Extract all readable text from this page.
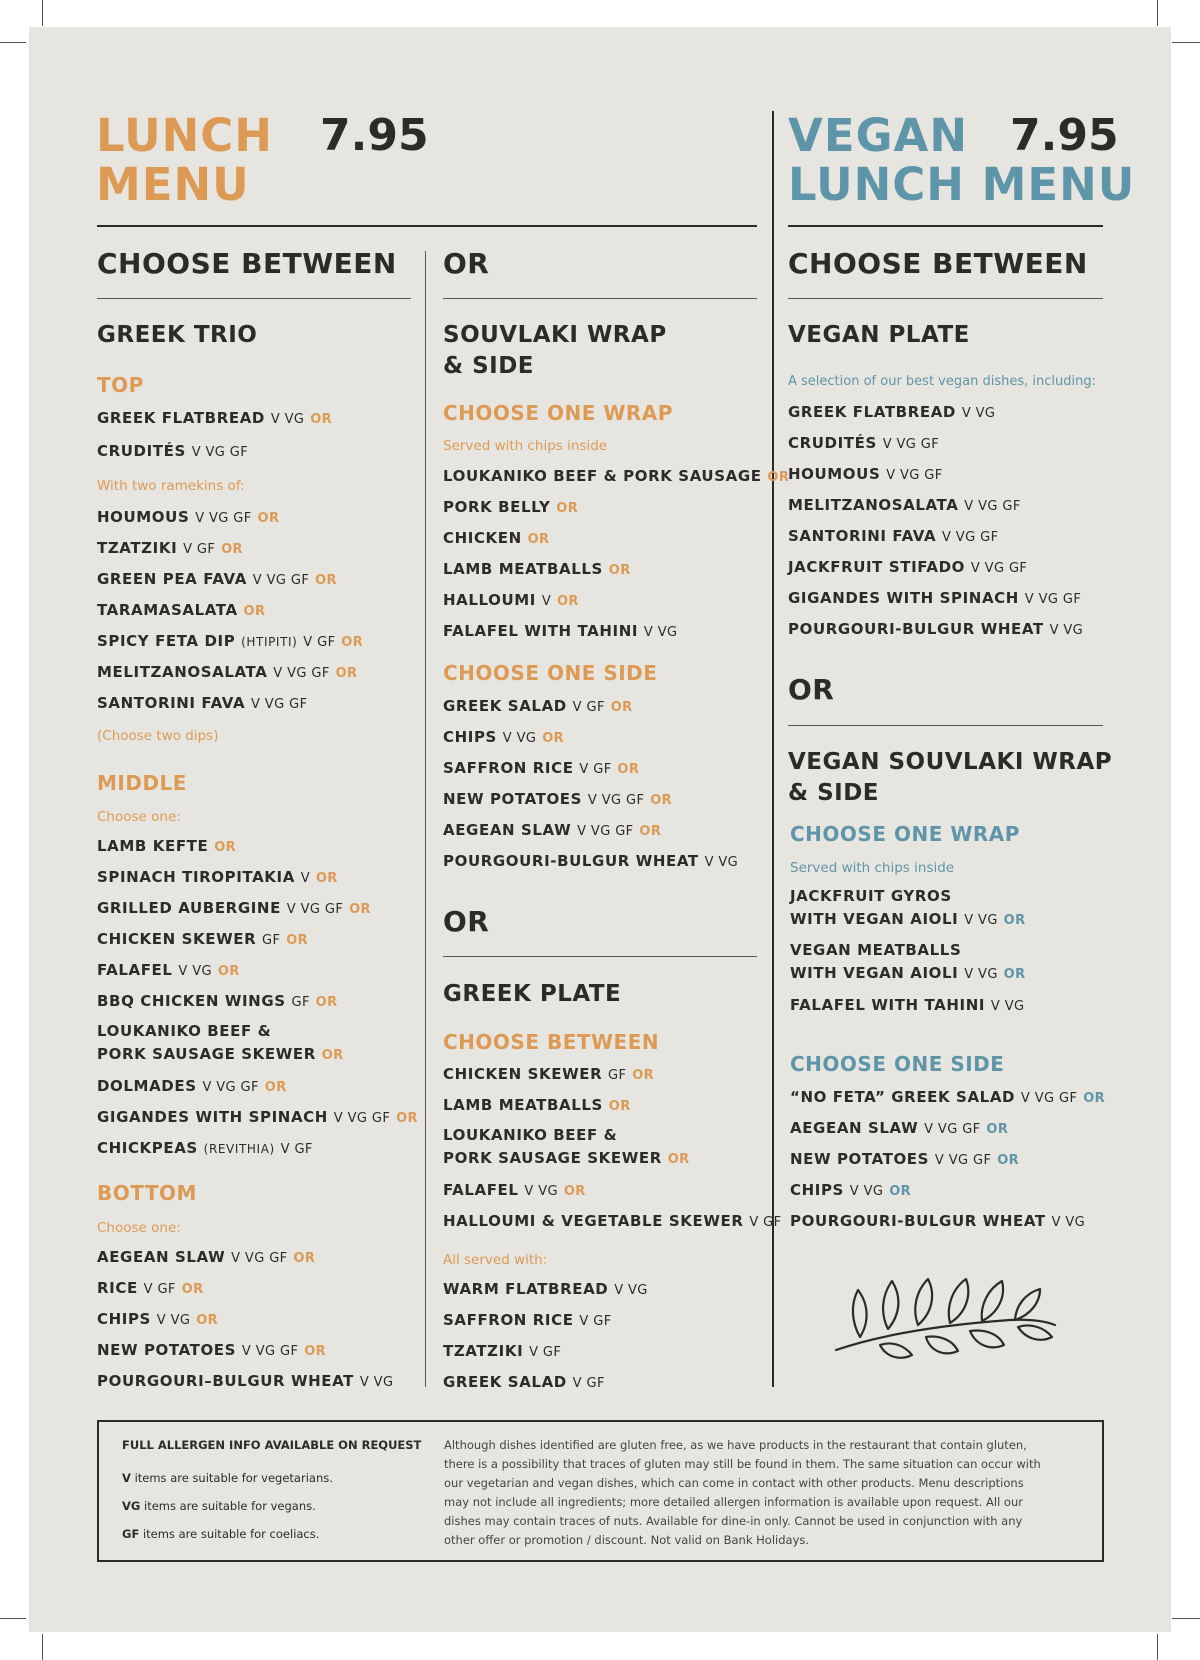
LUNCH
MENU
7.95	VEGAN
LUNCH MENU
7.95
CHOOSE BETWEEN
GREEK TRIO
TOP
GREEK FLATBREAD V VG OR
CRUDITÉS V VG GF
With two ramekins of:
HOUMOUS V VG GF OR
TZATZIKI V GF OR
GREEN PEA FAVA V VG GF OR
TARAMASALATA OR
SPICY FETA DIP (HTIPITI) V GF OR
MELITZANOSALATA V VG GF OR
SANTORINI FAVA V VG GF
(Choose two dips)
MIDDLE
Choose one:
LAMB KEFTE OR
SPINACH TIROPITAKIA V OR
GRILLED AUBERGINE V VG GF OR
CHICKEN SKEWER GF OR
FALAFEL V VG OR
BBQ CHICKEN WINGS GF OR
LOUKANIKO BEEF &
PORK SAUSAGE SKEWER OR
DOLMADES V VG GF OR
GIGANDES WITH SPINACH V VG GF OR
CHICKPEAS (REVITHIA) V GF
BOTTOM
Choose one:
AEGEAN SLAW V VG GF OR
RICE V GF OR
CHIPS V VG OR
NEW POTATOES V VG GF OR
POURGOURI–BULGUR WHEAT V VG
OR
SOUVLAKI WRAP
& SIDE
CHOOSE ONE WRAP
Served with chips inside
LOUKANIKO BEEF & PORK SAUSAGE OR
PORK BELLY OR
CHICKEN OR
LAMB MEATBALLS OR
HALLOUMI V OR
FALAFEL WITH TAHINI V VG
CHOOSE ONE SIDE
GREEK SALAD V GF OR
CHIPS V VG OR
SAFFRON RICE V GF OR
NEW POTATOES V VG GF OR
AEGEAN SLAW V VG GF OR
POURGOURI-BULGUR WHEAT V VG
OR
GREEK PLATE
CHOOSE BETWEEN
CHICKEN SKEWER GF OR
LAMB MEATBALLS OR
LOUKANIKO BEEF &
PORK SAUSAGE SKEWER OR
FALAFEL V VG OR
HALLOUMI & VEGETABLE SKEWER V GF
All served with:
WARM FLATBREAD V VG
SAFFRON RICE V GF
TZATZIKI V GF
GREEK SALAD V GF
CHOOSE BETWEEN
VEGAN PLATE
A selection of our best vegan dishes, including:
GREEK FLATBREAD V VG
CRUDITÉS V VG GF
HOUMOUS V VG GF
MELITZANOSALATA V VG GF
SANTORINI FAVA V VG GF
JACKFRUIT STIFADO V VG GF
GIGANDES WITH SPINACH V VG GF
POURGOURI-BULGUR WHEAT V VG
OR
VEGAN SOUVLAKI WRAP
& SIDE
CHOOSE ONE WRAP
Served with chips inside
JACKFRUIT GYROS
WITH VEGAN AIOLI V VG OR
VEGAN MEATBALLS
WITH VEGAN AIOLI V VG OR
FALAFEL WITH TAHINI V VG
CHOOSE ONE SIDE
“NO FETA” GREEK SALAD V VG GF OR
AEGEAN SLAW V VG GF OR
NEW POTATOES V VG GF OR
CHIPS V VG OR
POURGOURI-BULGUR WHEAT V VG
FULL ALLERGEN INFO AVAILABLE ON REQUEST
V items are suitable for vegetarians.
VG items are suitable for vegans.
GF items are suitable for coeliacs.
Although dishes identified are gluten free, as we have products in the restaurant that contain gluten,
there is a possibility that traces of gluten may still be found in them. The same situation can occur with
our vegetarian and vegan dishes, which can come in contact with other products. Menu descriptions
may not include all ingredients; more detailed allergen information is available upon request. All our
dishes may contain traces of nuts. Available for dine-in only. Cannot be used in conjunction with any
other offer or promotion / discount. Not valid on Bank Holidays.
